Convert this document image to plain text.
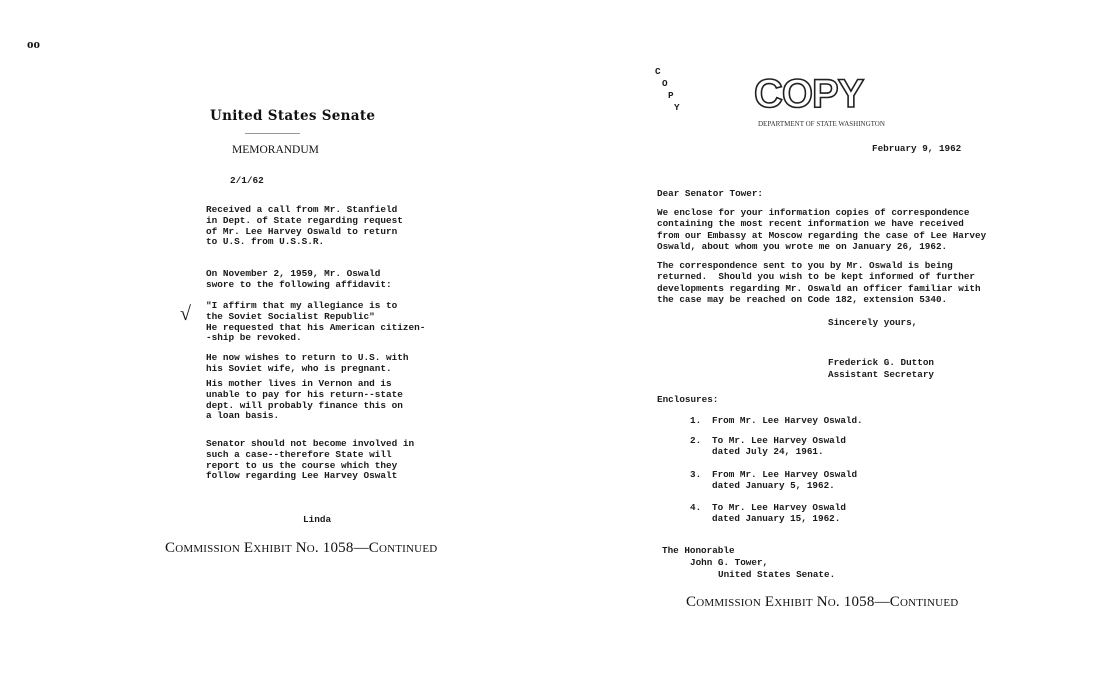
oo
United States Senate
MEMORANDUM
2/1/62
Received a call from Mr. Stanfield
in Dept. of State regarding request
of Mr. Lee Harvey Oswald to return
to U.S. from U.S.S.R.
On November 2, 1959, Mr. Oswald
swore to the following affidavit:
√ "I affirm that my allegiance is to
the Soviet Socialist Republic"
He requested that his American citizen-
-ship be revoked.
He now wishes to return to U.S. with
his Soviet wife, who is pregnant.
His mother lives in Vernon and is
unable to pay for his return--state
dept. will probably finance this on
a loan basis.
Senator should not become involved in
such a case--therefore State will
report to us the course which they
follow regarding Lee Harvey Oswalt
Linda
Commission Exhibit No. 1058—Continued
C
O
P
Y COPY
DEPARTMENT OF STATE WASHINGTON
February 9, 1962
Dear Senator Tower:
We enclose for your information copies of correspondence
containing the most recent information we have received
from our Embassy at Moscow regarding the case of Lee Harvey
Oswald, about whom you wrote me on January 26, 1962.
The correspondence sent to you by Mr. Oswald is being
returned.  Should you wish to be kept informed of further
developments regarding Mr. Oswald an officer familiar with
the case may be reached on Code 182, extension 5340.
Sincerely yours,
Frederick G. Dutton
Assistant Secretary
Enclosures:
1. From Mr. Lee Harvey Oswald.
2. To Mr. Lee Harvey Oswald
dated July 24, 1961.
3. From Mr. Lee Harvey Oswald
dated January 5, 1962.
4. To Mr. Lee Harvey Oswald
dated January 15, 1962.
The Honorable
John G. Tower,
United States Senate.
Commission Exhibit No. 1058—Continued
